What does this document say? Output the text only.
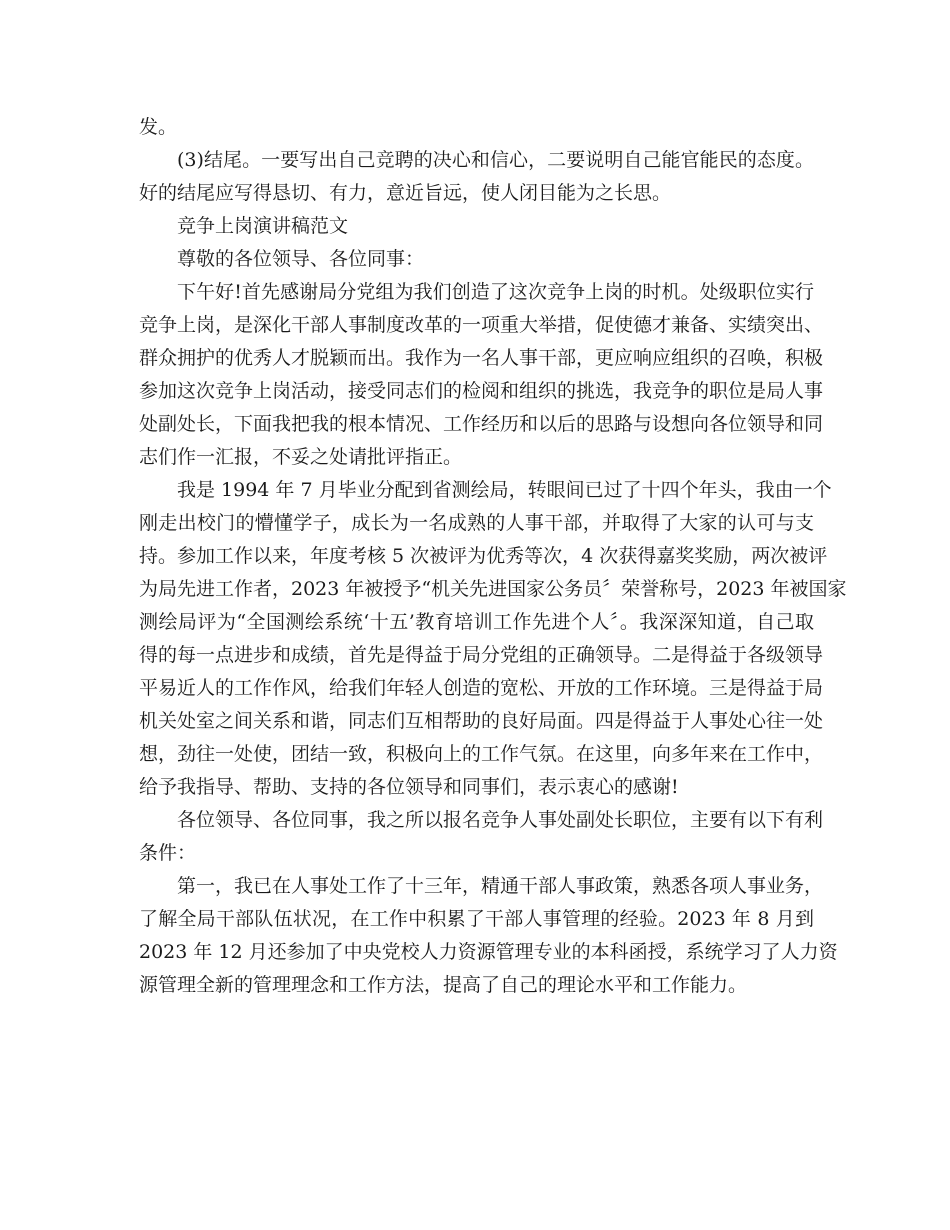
发。
(3)结尾。一要写出自己竞聘的决心和信心，二要说明自己能官能民的态度。
好的结尾应写得恳切、有力，意近旨远，使人闭目能为之长思。
竞争上岗演讲稿范文
尊敬的各位领导、各位同事：
下午好!首先感谢局分党组为我们创造了这次竞争上岗的时机。处级职位实行
竞争上岗，是深化干部人事制度改革的一项重大举措，促使德才兼备、实绩突出、
群众拥护的优秀人才脱颖而出。我作为一名人事干部，更应响应组织的召唤，积极
参加这次竞争上岗活动，接受同志们的检阅和组织的挑选，我竞争的职位是局人事
处副处长，下面我把我的根本情况、工作经历和以后的思路与设想向各位领导和同
志们作一汇报，不妥之处请批评指正。
我是 1994 年 7 月毕业分配到省测绘局，转眼间已过了十四个年头，我由一个
刚走出校门的懵懂学子，成长为一名成熟的人事干部，并取得了大家的认可与支
持。参加工作以来，年度考核 5 次被评为优秀等次，4 次获得嘉奖奖励，两次被评
为局先进工作者，2023 年被授予“机关先进国家公务员〞荣誉称号，2023 年被国家
测绘局评为“全国测绘系统‘十五’教育培训工作先进个人〞。我深深知道，自己取
得的每一点进步和成绩，首先是得益于局分党组的正确领导。二是得益于各级领导
平易近人的工作作风，给我们年轻人创造的宽松、开放的工作环境。三是得益于局
机关处室之间关系和谐，同志们互相帮助的良好局面。四是得益于人事处心往一处
想，劲往一处使，团结一致，积极向上的工作气氛。在这里，向多年来在工作中，
给予我指导、帮助、支持的各位领导和同事们，表示衷心的感谢!
各位领导、各位同事，我之所以报名竞争人事处副处长职位，主要有以下有利
条件：
第一，我已在人事处工作了十三年，精通干部人事政策，熟悉各项人事业务，
了解全局干部队伍状况，在工作中积累了干部人事管理的经验。2023 年 8 月到
2023 年 12 月还参加了中央党校人力资源管理专业的本科函授，系统学习了人力资
源管理全新的管理理念和工作方法，提高了自己的理论水平和工作能力。
